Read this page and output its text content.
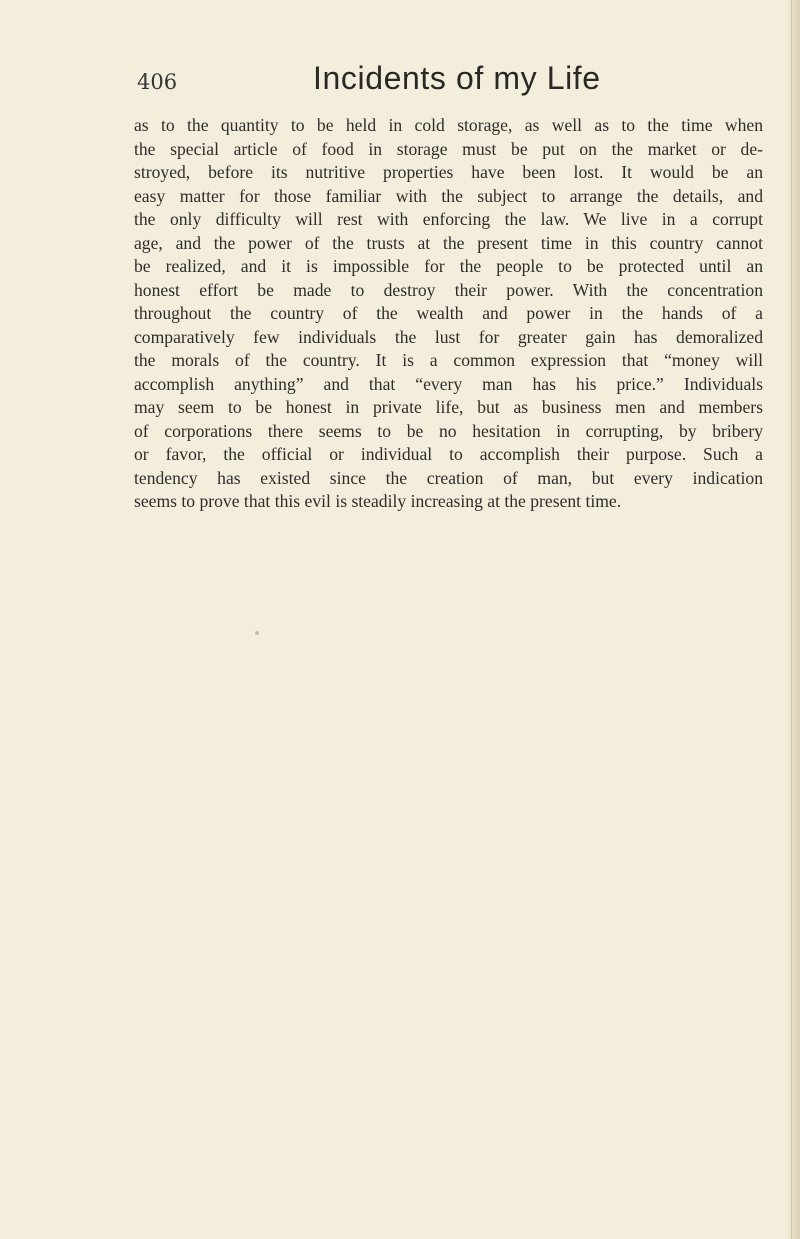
406	Incidents of my Life
as to the quantity to be held in cold storage, as well as to the time when
the special article of food in storage must be put on the market or de-
stroyed, before its nutritive properties have been lost. It would be an
easy matter for those familiar with the subject to arrange the details, and
the only difficulty will rest with enforcing the law. We live in a corrupt
age, and the power of the trusts at the present time in this country cannot
be realized, and it is impossible for the people to be protected until an
honest effort be made to destroy their power. With the concentration
throughout the country of the wealth and power in the hands of a
comparatively few individuals the lust for greater gain has demoralized
the morals of the country. It is a common expression that “money will
accomplish anything” and that “every man has his price.” Individuals
may seem to be honest in private life, but as business men and members
of corporations there seems to be no hesitation in corrupting, by bribery
or favor, the official or individual to accomplish their purpose. Such a
tendency has existed since the creation of man, but every indication
seems to prove that this evil is steadily increasing at the present time.
